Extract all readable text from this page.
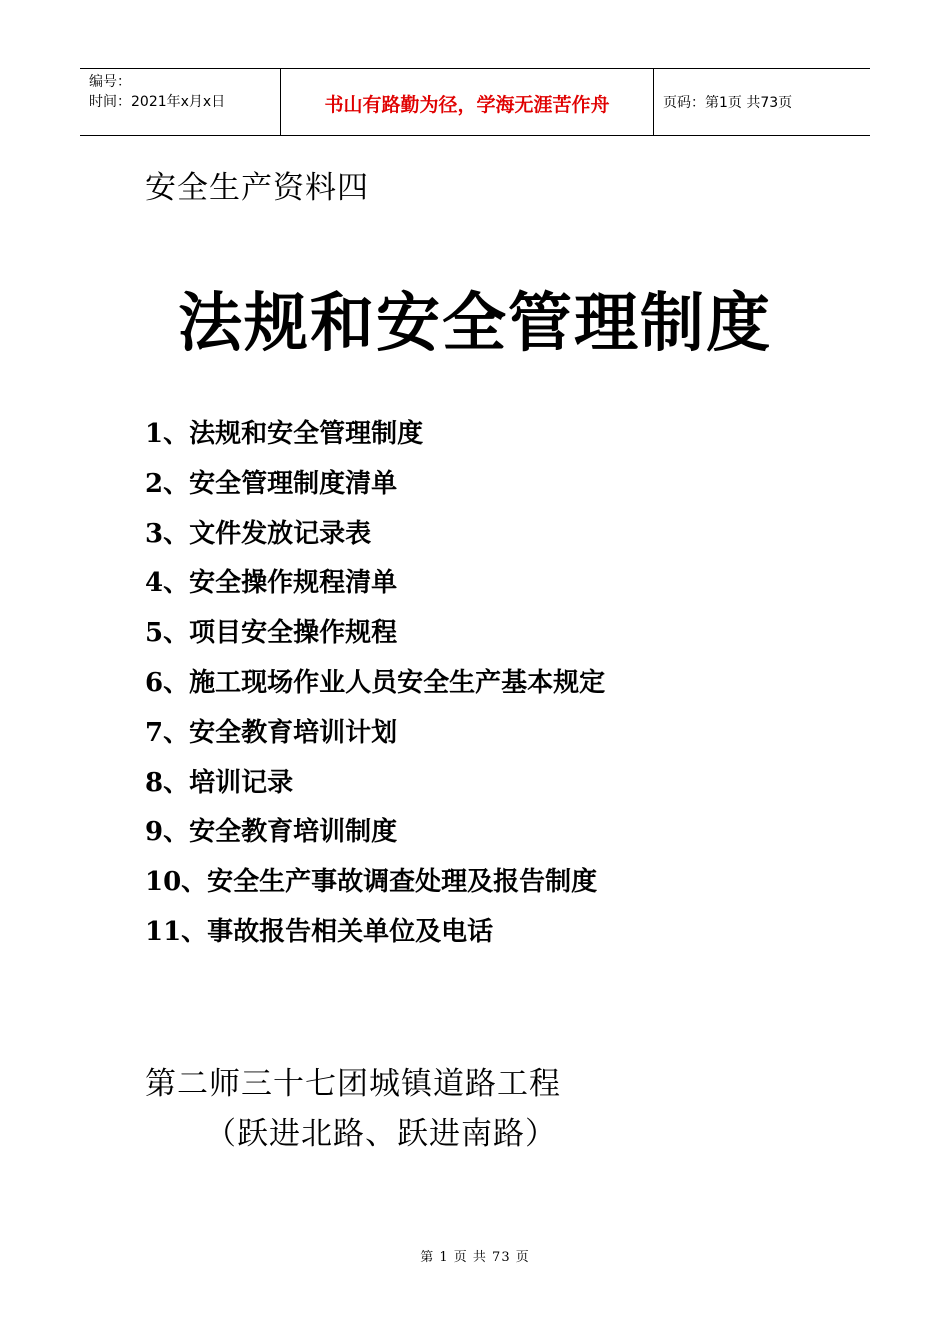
编号：
时间：2021年x月x日	书山有路勤为径，学海无涯苦作舟	页码：第1页 共73页
安全生产资料四
法规和安全管理制度
1、法规和安全管理制度
2、安全管理制度清单
3、文件发放记录表
4、安全操作规程清单
5、项目安全操作规程
6、施工现场作业人员安全生产基本规定
7、安全教育培训计划
8、培训记录
9、安全教育培训制度
10、安全生产事故调查处理及报告制度
11、事故报告相关单位及电话
第二师三十七团城镇道路工程
（跃进北路、跃进南路）
第 1 页 共 73 页
